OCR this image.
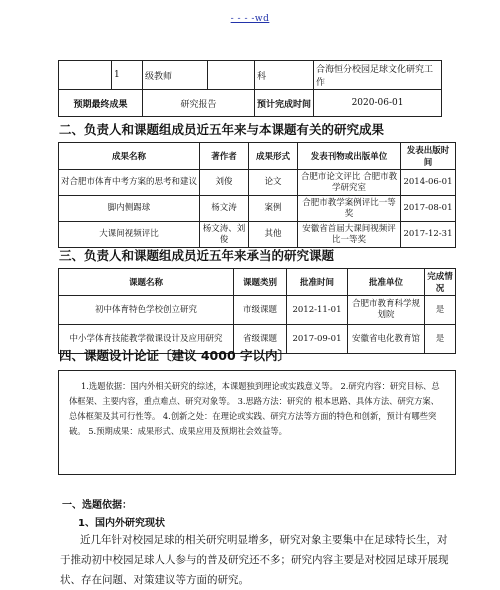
- - - -wd
	1	级教师		科	合海恒分校园足球文化研究工作
预期最终成果		研究报告		预计完成时间	2020-06-01
二、负责人和课题组成员近五年来与本课题有关的研究成果
成果名称	著作者	成果形式	发表刊物或出版单位	发表出版时间
对合肥市体育中考方案的思考和建议	刘俊	论文	合肥市论文评比 合肥市教学研究室	2014-06-01
脚内侧踢球	杨文涛	案例	合肥市教学案例评比一等奖	2017-08-01
大课间视频评比	杨文涛、刘俊	其他	安徽省首届大课间视频评比一等奖	2017-12-31
三、负责人和课题组成员近五年来承当的研究课题
课题名称	课题类别	批准时间	批准单位	完成情况
初中体育特色学校创立研究	市级课题	2012-11-01	合肥市教育科学规划院	是
中小学体育技能教学微课设计及应用研究	省级课题	2017-09-01	安徽省电化教育馆	是
四、课题设计论证〔建议 4000 字以内〕
1.选题依据：国内外相关研究的综述，本课题独到理论或实践意义等。 2.研究内容：研究目标、总体框架、主要内容，重点难点、研究对象等。 3.思路方法：研究的 根本思路、具体方法、研究方案、总体框架及其可行性等。 4.创新之处：在理论或实践、研究方法等方面的特色和创新，预计有哪些突破。 5.预期成果：成果形式、成果应用及预期社会效益等。
一、选题依据：
1、国内外研究现状
近几年针对校园足球的相关研究明显增多，研究对象主要集中在足球特长生，对于推动初中校园足球人人参与的普及研究还不多；研究内容主要是对校园足球开展现状、存在问题、对策建议等方面的研究。
